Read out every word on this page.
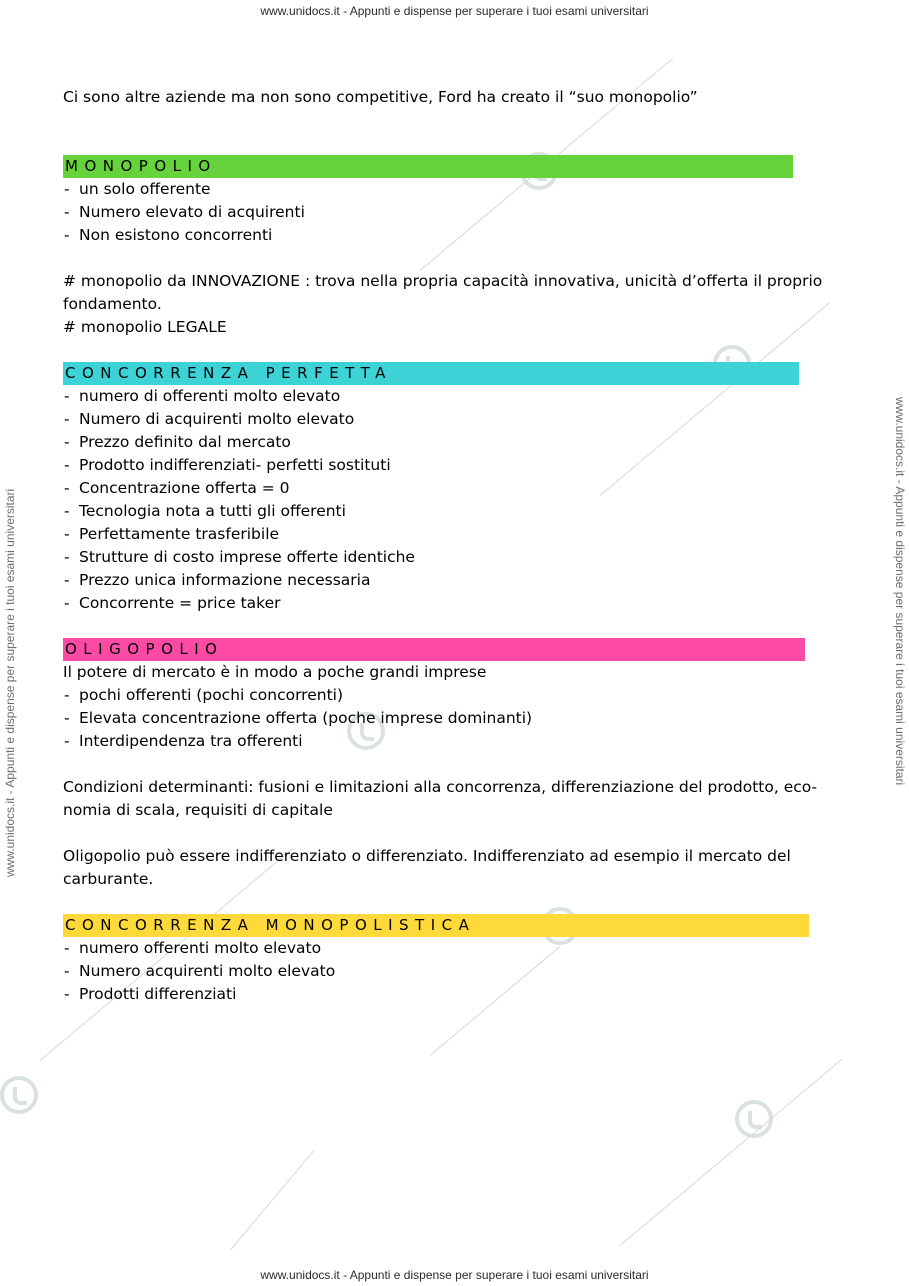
www.unidocs.it - Appunti e dispense per superare i tuoi esami universitari
www.unidocs.it - Appunti e dispense per superare i tuoi esami universitari	www.unidocs.it - Appunti e dispense per superare i tuoi esami universitari

Ci sono altre aziende ma non sono competitive, Ford ha creato il “suo monopolio”

MONOPOLIO
- un solo offerente
- Numero elevato di acquirenti
- Non esistono concorrenti

# monopolio da INNOVAZIONE : trova nella propria capacità innovativa, unicità d’offerta il proprio fondamento.

# monopolio LEGALE

CONCORRENZA PERFETTA
- numero di offerenti molto elevato
- Numero di acquirenti molto elevato
- Prezzo definito dal mercato
- Prodotto indifferenziati- perfetti sostituti
- Concentrazione offerta = 0
- Tecnologia nota a tutti gli offerenti
- Perfettamente trasferibile
- Strutture di costo imprese offerte identiche
- Prezzo unica informazione necessaria
- Concorrente = price taker
OLIGOPOLIO

Il potere di mercato è in modo a poche grandi imprese

- pochi offerenti (pochi concorrenti)
- Elevata concentrazione offerta (poche imprese dominanti)
- Interdipendenza tra offerenti

Condizioni determinanti: fusioni e limitazioni alla concorrenza, differenziazione del prodotto, eco-nomia di scala, requisiti di capitale

Oligopolio può essere indifferenziato o differenziato. Indifferenziato ad esempio il mercato del carburante.

CONCORRENZA MONOPOLISTICA
- numero offerenti molto elevato
- Numero acquirenti molto elevato
- Prodotti differenziati
www.unidocs.it - Appunti e dispense per superare i tuoi esami universitari
